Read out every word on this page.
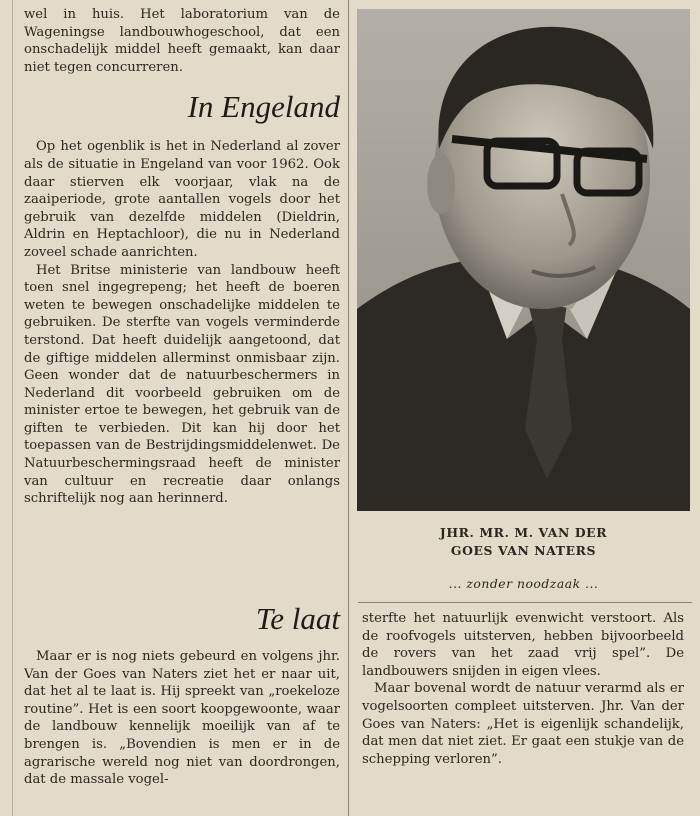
wel in huis. Het laboratorium van de Wageningse landbouwhogeschool, dat een onschadelijk middel heeft gemaakt, kan daar niet tegen concurreren.

In Engeland

Op het ogenblik is het in Nederland al zover als de situatie in Engeland van voor 1962. Ook daar stierven elk voorjaar, vlak na de zaaiperiode, grote aantallen vogels door het gebruik van dezelfde middelen (Dieldrin, Aldrin en Heptachloor), die nu in Nederland zoveel schade aanrichten.

Het Britse ministerie van landbouw heeft toen snel ingegrepeng; het heeft de boeren weten te bewegen onschadelijke middelen te gebruiken. De sterfte van vogels verminderde terstond. Dat heeft duidelijk aangetoond, dat de giftige middelen allerminst onmisbaar zijn. Geen wonder dat de natuurbeschermers in Nederland dit voorbeeld gebruiken om de minister ertoe te bewegen, het gebruik van de giften te verbieden. Dit kan hij door het toepassen van de Bestrijdingsmiddelenwet. De Natuurbeschermingsraad heeft de minister van cultuur en recreatie daar onlangs schriftelijk nog aan herinnerd.

Te laat

Maar er is nog niets gebeurd en volgens jhr. Van der Goes van Naters ziet het er naar uit, dat het al te laat is. Hij spreekt van „roekeloze routine”. Het is een soort koopgewoonte, waar de landbouw kennelijk moeilijk van af te brengen is. „Bovendien is men er in de agrarische wereld nog niet van doordrongen, dat de massale vogel-

JHR. MR. M. VAN DER
GOES VAN NATERS
... zonder noodzaak ...

sterfte het natuurlijk evenwicht verstoort. Als de roofvogels uitsterven, hebben bijvoorbeeld de rovers van het zaad vrij spel”. De landbouwers snijden in eigen vlees.

Maar bovenal wordt de natuur verarmd als er vogelsoorten compleet uitsterven. Jhr. Van der Goes van Naters: „Het is eigenlijk schandelijk, dat men dat niet ziet. Er gaat een stukje van de schepping verloren”.
